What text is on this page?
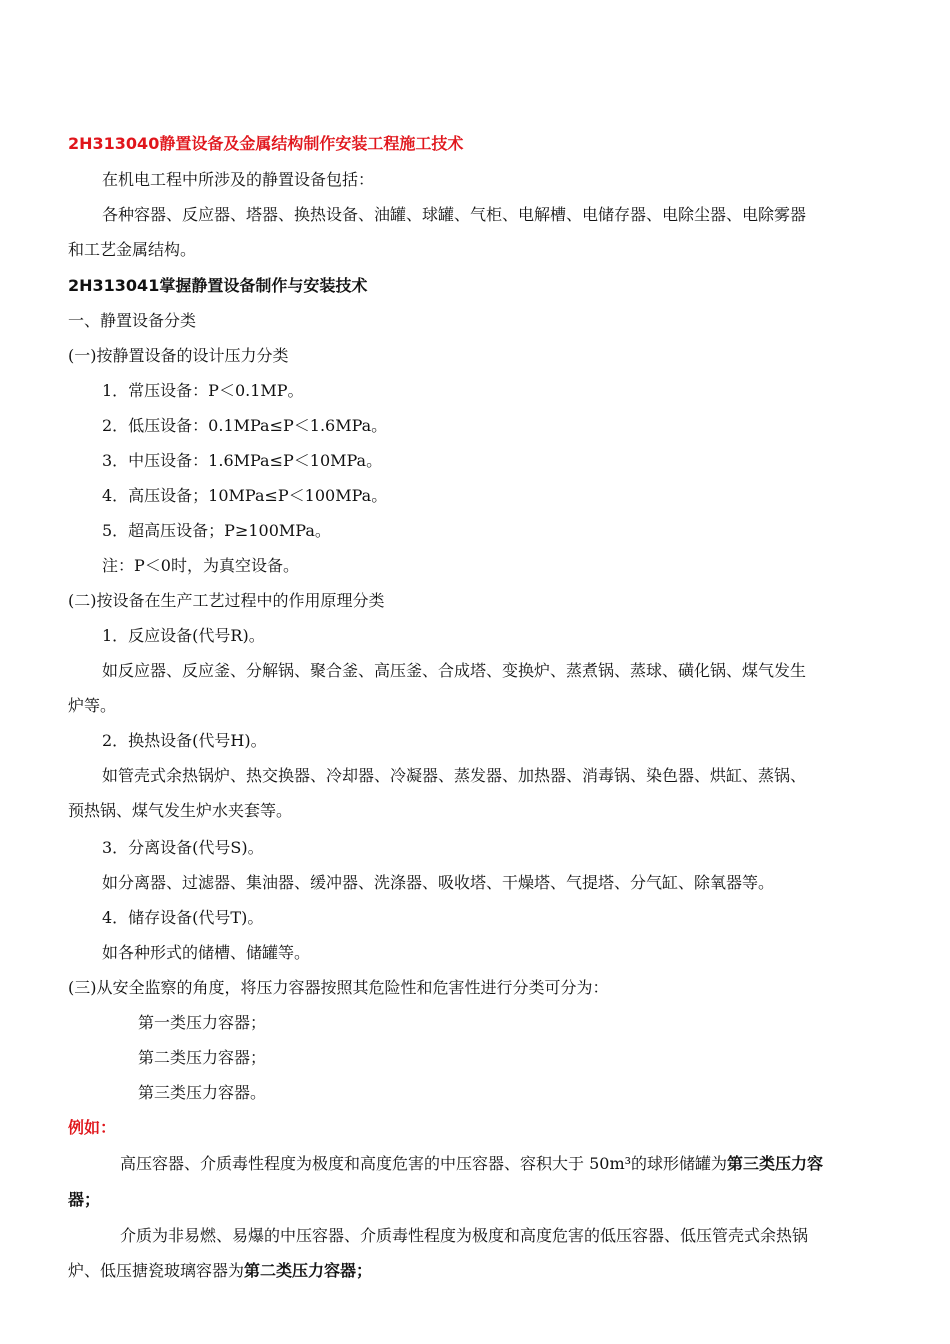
2H313040静置设备及金属结构制作安装工程施工技术
在机电工程中所涉及的静置设备包括：
各种容器、反应器、塔器、换热设备、油罐、球罐、气柜、电解槽、电储存器、电除尘器、电除雾器
和工艺金属结构。
2H313041掌握静置设备制作与安装技术
一、静置设备分类
(一)按静置设备的设计压力分类
1．常压设备：P＜0.1MP。
2．低压设备：0.1MPa≤P＜1.6MPa。
3．中压设备：1.6MPa≤P＜10MPa。
4．高压设备；10MPa≤P＜100MPa。
5．超高压设备；P≥100MPa。
注：P＜0时，为真空设备。
(二)按设备在生产工艺过程中的作用原理分类
1．反应设备(代号R)。
如反应器、反应釜、分解锅、聚合釜、高压釜、合成塔、变换炉、蒸煮锅、蒸球、磺化锅、煤气发生
炉等。
2．换热设备(代号H)。
如管壳式余热锅炉、热交换器、冷却器、冷凝器、蒸发器、加热器、消毒锅、染色器、烘缸、蒸锅、
预热锅、煤气发生炉水夹套等。
3．分离设备(代号S)。
如分离器、过滤器、集油器、缓冲器、洗涤器、吸收塔、干燥塔、气提塔、分气缸、除氧器等。
4．储存设备(代号T)。
如各种形式的储槽、储罐等。
(三)从安全监察的角度，将压力容器按照其危险性和危害性进行分类可分为：
第一类压力容器；
第二类压力容器；
第三类压力容器。
例如：
高压容器、介质毒性程度为极度和高度危害的中压容器、容积大于 50m³的球形储罐为第三类压力容
器；
介质为非易燃、易爆的中压容器、介质毒性程度为极度和高度危害的低压容器、低压管壳式余热锅
炉、低压搪瓷玻璃容器为第二类压力容器；
